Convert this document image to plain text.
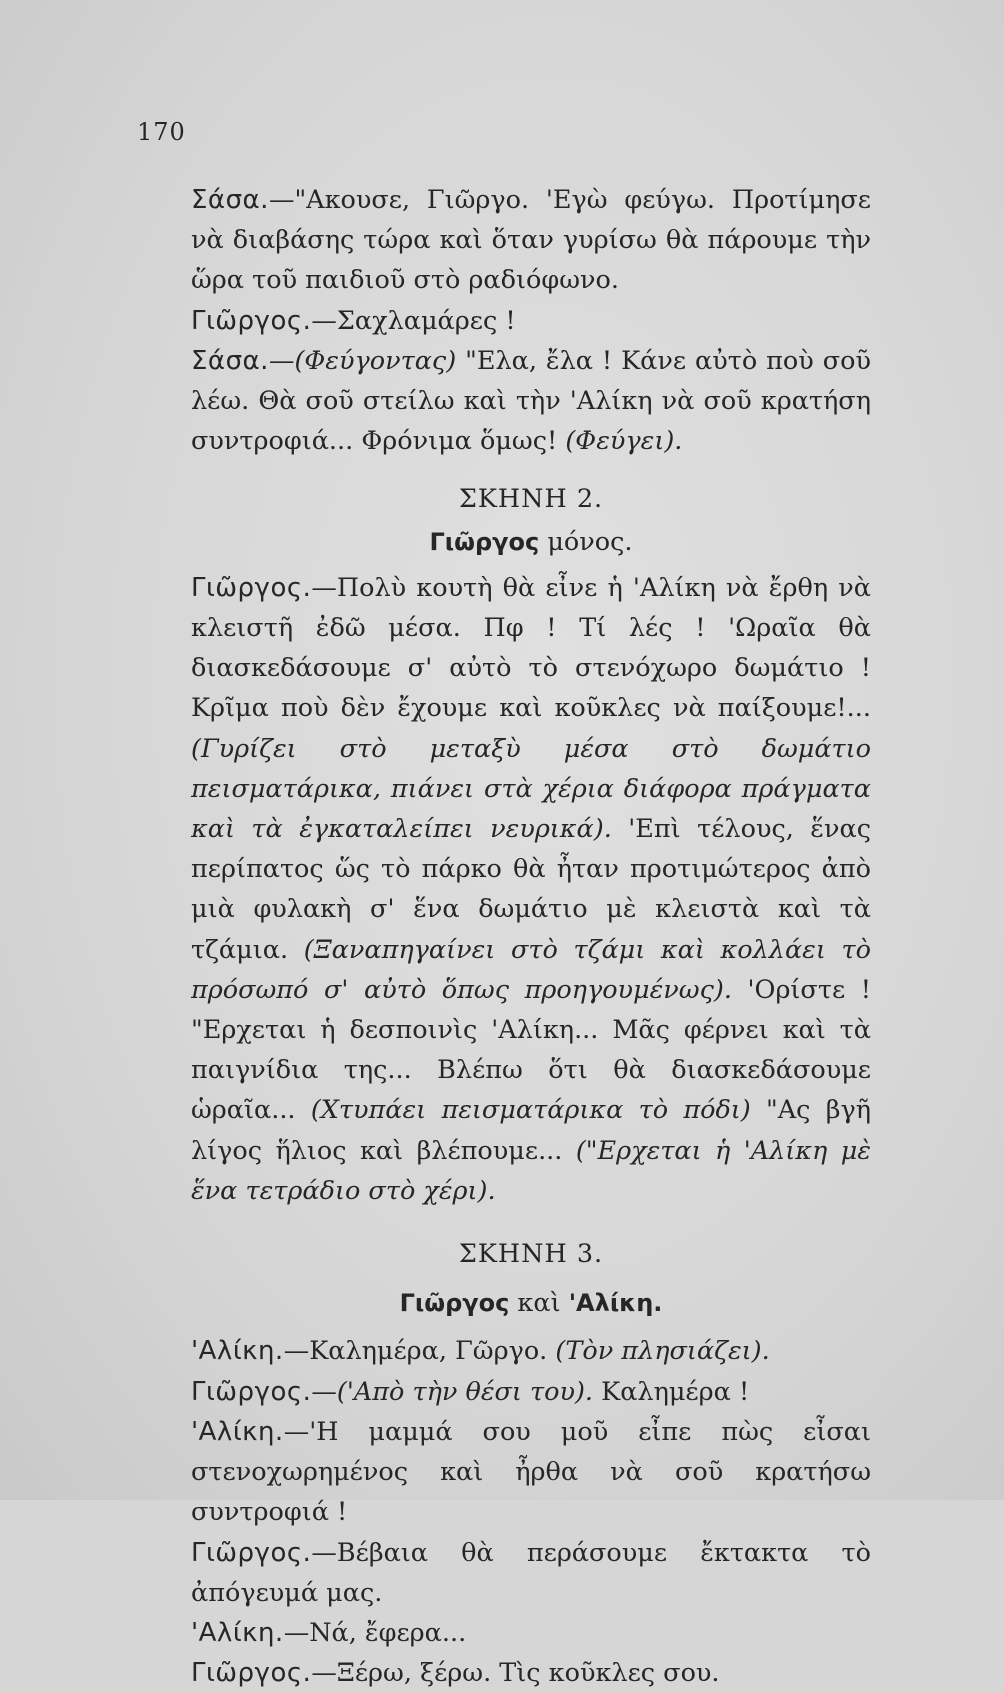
170

Σάσα.—"Ακουσε, Γιῶργο. 'Εγὼ φεύγω. Προτίμησε νὰ διαβάσης τώρα καὶ ὅταν γυρίσω θὰ πάρουμε τὴν ὥρα τοῦ παιδιοῦ στὸ ραδιόφωνο.

Γιῶργος.—Σαχλαμάρες !

Σάσα.—(Φεύγοντας) "Ελα, ἔλα ! Κάνε αὐτὸ ποὺ σοῦ λέω. Θὰ σοῦ στείλω καὶ τὴν 'Αλίκη νὰ σοῦ κρατήση συντροφιά... Φρόνιμα ὅμως! (Φεύγει).

ΣΚΗΝΗ 2.

Γιῶργος μόνος.

Γιῶργος.—Πολὺ κουτὴ θὰ εἶνε ἡ 'Αλίκη νὰ ἔρθη νὰ κλειστῆ ἐδῶ μέσα. Πφ ! Τί λές ! 'Ωραῖα θὰ διασκεδάσουμε σ' αὐτὸ τὸ στενόχωρο δωμάτιο ! Κρῖμα ποὺ δὲν ἔχουμε καὶ κοῦκλες νὰ παίξουμε!... (Γυρίζει στὸ μεταξὺ μέσα στὸ δωμάτιο πεισματάρικα, πιάνει στὰ χέρια διάφορα πράγματα καὶ τὰ ἐγκαταλείπει νευρικά). 'Επὶ τέλους, ἕνας περίπατος ὥς τὸ πάρκο θὰ ἦταν προτιμώτερος ἀπὸ μιὰ φυλακὴ σ' ἕνα δωμάτιο μὲ κλειστὰ καὶ τὰ τζάμια. (Ξαναπηγαίνει στὸ τζάμι καὶ κολλάει τὸ πρόσωπό σ' αὐτὸ ὅπως προηγουμένως). 'Ορίστε ! "Ερχεται ἡ δεσποινὶς 'Αλίκη... Μᾶς φέρνει καὶ τὰ παιγνίδια της... Βλέπω ὅτι θὰ διασκεδάσουμε ὡραῖα... (Χτυπάει πεισματάρικα τὸ πόδι) "Ας βγῆ λίγος ἥλιος καὶ βλέπουμε... ("Ερχεται ἡ 'Αλίκη μὲ ἕνα τετράδιο στὸ χέρι).

ΣΚΗΝΗ 3.

Γιῶργος καὶ 'Αλίκη.

'Αλίκη.—Καλημέρα, Γῶργο. (Τὸν πλησιάζει).

Γιῶργος.—('Απὸ τὴν θέσι του). Καλημέρα !

'Αλίκη.—'Η μαμμά σου μοῦ εἶπε πὼς εἶσαι στενοχωρημένος καὶ ἦρθα νὰ σοῦ κρατήσω συντροφιά !

Γιῶργος.—Βέβαια θὰ περάσουμε ἔκτακτα τὸ ἀπόγευμά μας.

'Αλίκη.—Νά, ἔφερα...

Γιῶργος.—Ξέρω, ξέρω. Τὶς κοῦκλες σου.
